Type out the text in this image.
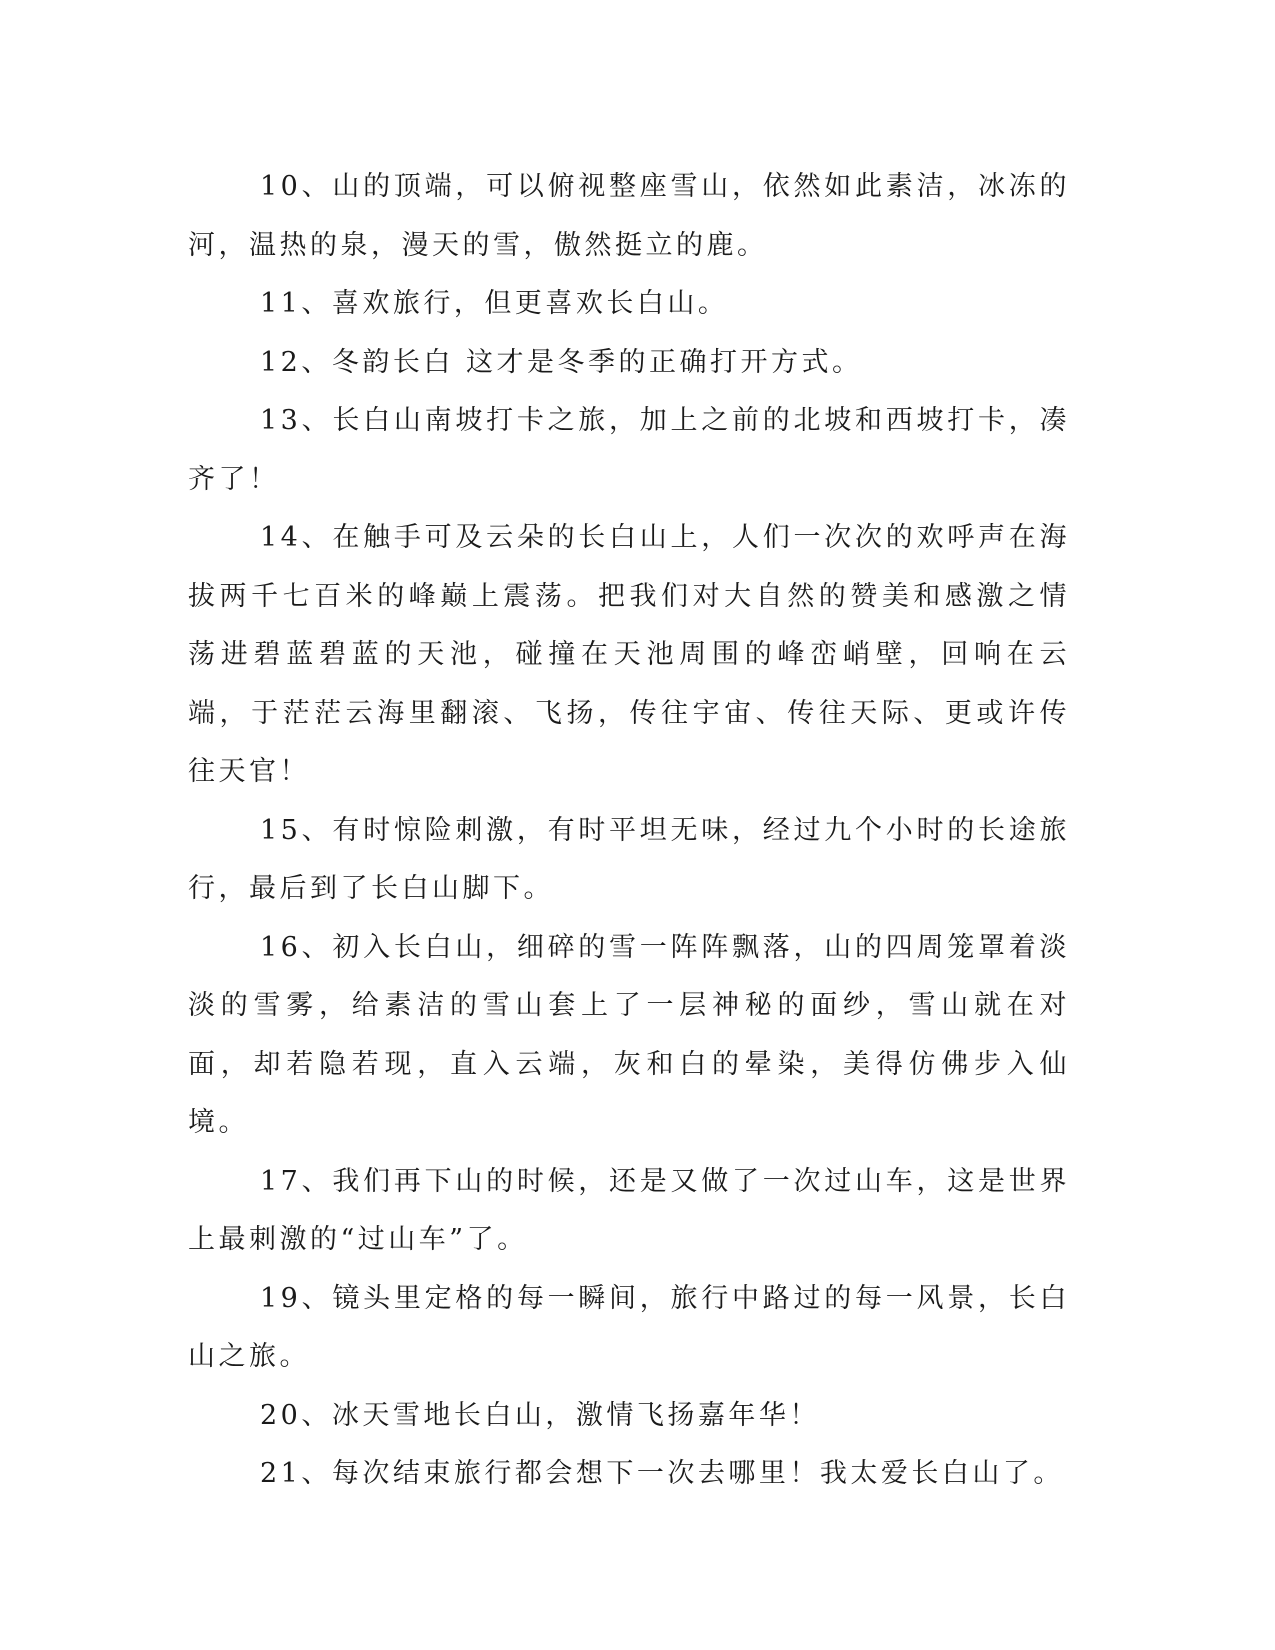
10、山的顶端，可以俯视整座雪山，依然如此素洁，冰冻的河，温热的泉，漫天的雪，傲然挺立的鹿。

11、喜欢旅行，但更喜欢长白山。

12、冬韵长白 这才是冬季的正确打开方式。

13、长白山南坡打卡之旅，加上之前的北坡和西坡打卡，凑齐了！

14、在触手可及云朵的长白山上，人们一次次的欢呼声在海拔两千七百米的峰巅上震荡。把我们对大自然的赞美和感激之情荡进碧蓝碧蓝的天池，碰撞在天池周围的峰峦峭壁，回响在云端，于茫茫云海里翻滚、飞扬，传往宇宙、传往天际、更或许传往天官！

15、有时惊险刺激，有时平坦无味，经过九个小时的长途旅行，最后到了长白山脚下。

16、初入长白山，细碎的雪一阵阵飘落，山的四周笼罩着淡淡的雪雾，给素洁的雪山套上了一层神秘的面纱，雪山就在对面，却若隐若现，直入云端，灰和白的晕染，美得仿佛步入仙境。

17、我们再下山的时候，还是又做了一次过山车，这是世界上最刺激的“过山车”了。

19、镜头里定格的每一瞬间，旅行中路过的每一风景，长白山之旅。

20、冰天雪地长白山，激情飞扬嘉年华！

21、每次结束旅行都会想下一次去哪里！我太爱长白山了。
